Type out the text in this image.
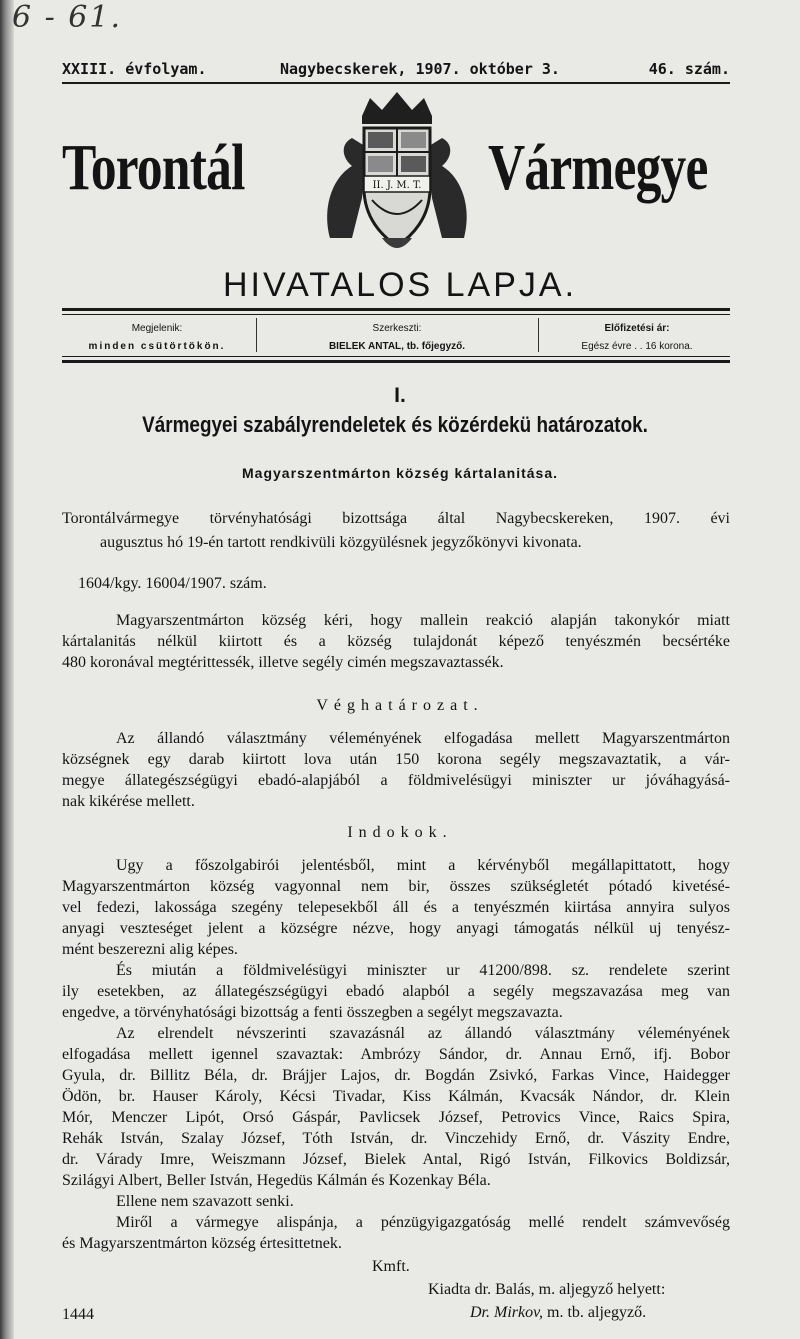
6 - 61.
XXIII. évfolyam.	Nagybecskerek, 1907. október 3.	46. szám.
Torontál	Vármegye
II. J. M. T.
HIVATALOS LAPJA.
Megjelenik:
minden csütörtökön.
Szerkeszti:
BIELEK ANTAL, tb. főjegyző.
Előfizetési ár:
Egész évre . . 16 korona.
I.
Vármegyei szabályrendeletek és közérdekü határozatok.
Magyarszentmárton község kártalanitása.
Torontálvármegye törvényhatósági bizottsága által Nagybecskereken, 1907. évi
augusztus hó 19-én tartott rendkivüli közgyülésnek jegyzőkönyvi kivonata.
1604/kgy. 16004/1907. szám.
Magyarszentmárton község kéri, hogy mallein reakció alapján takonykór miatt
kártalanitás nélkül kiirtott és a község tulajdonát képező tenyészmén becsértéke
480 koronával megtérittessék, illetve segély cimén megszavaztassék.
Véghatározat.
Az állandó választmány véleményének elfogadása mellett Magyarszentmárton
községnek egy darab kiirtott lova után 150 korona segély megszavaztatik, a vár-
megye állategészségügyi ebadó-alapjából a földmivelésügyi miniszter ur jóváhagyásá-
nak kikérése mellett.
Indokok.
Ugy a főszolgabirói jelentésből, mint a kérvényből megállapittatott, hogy
Magyarszentmárton község vagyonnal nem bir, összes szükségletét pótadó kivetésé-
vel fedezi, lakossága szegény telepesekből áll és a tenyészmén kiirtása annyira sulyos
anyagi veszteséget jelent a községre nézve, hogy anyagi támogatás nélkül uj tenyész-
mént beszerezni alig képes.
És miután a földmivelésügyi miniszter ur 41200/898. sz. rendelete szerint
ily esetekben, az állategészségügyi ebadó alapból a segély megszavazása meg van
engedve, a törvényhatósági bizottság a fenti összegben a segélyt megszavazta.
Az elrendelt névszerinti szavazásnál az állandó választmány véleményének
elfogadása mellett igennel szavaztak: Ambrózy Sándor, dr. Annau Ernő, ifj. Bobor
Gyula, dr. Billitz Béla, dr. Brájjer Lajos, dr. Bogdán Zsivkó, Farkas Vince, Haidegger
Ödön, br. Hauser Károly, Kécsi Tivadar, Kiss Kálmán, Kvacsák Nándor, dr. Klein
Mór, Menczer Lipót, Orsó Gáspár, Pavlicsek József, Petrovics Vince, Raics Spira,
Rehák István, Szalay József, Tóth István, dr. Vinczehidy Ernő, dr. Vászity Endre,
dr. Várady Imre, Weiszmann József, Bielek Antal, Rigó István, Filkovics Boldizsár,
Szilágyi Albert, Beller István, Hegedüs Kálmán és Kozenkay Béla.
Ellene nem szavazott senki.
Miről a vármegye alispánja, a pénzügyigazgatóság mellé rendelt számvevőség
és Magyarszentmárton község értesittetnek.
Kmft.
Kiadta dr. Balás, m. aljegyző helyett:
Dr. Mirkov, m. tb. aljegyző.
1444
